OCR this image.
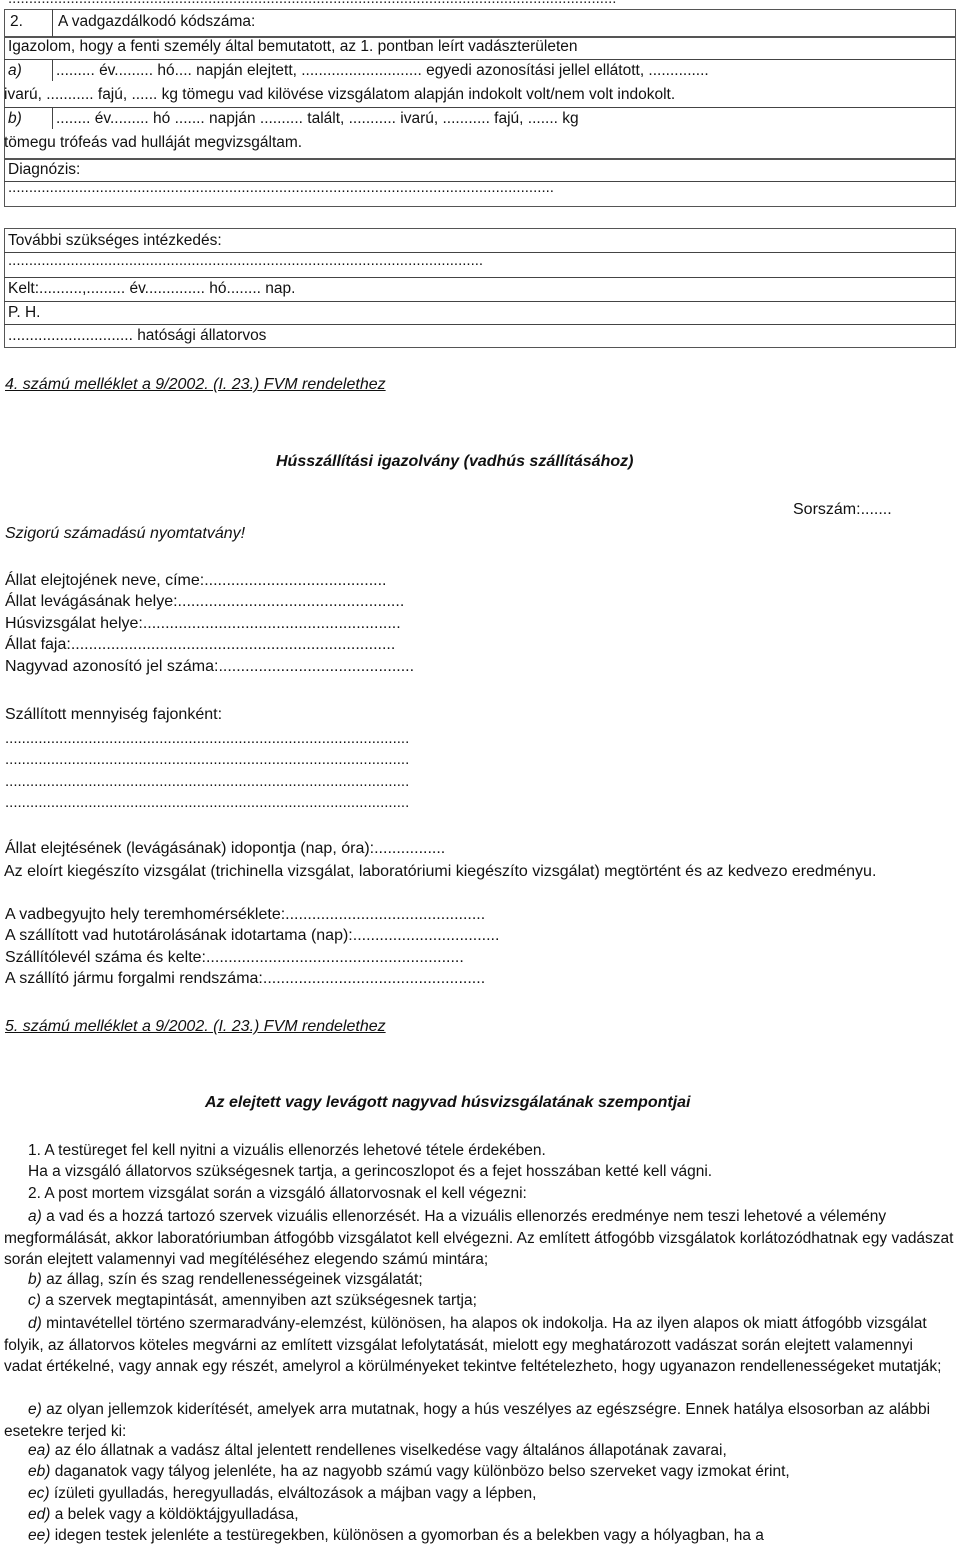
2. A vadgazdálkodó kódszáma:
Igazolom, hogy a fenti személy által bemutatott, az 1. pontban leírt vadászterületen
a) ......... év......... hó.... napján elejtett, ............................ egyedi azonosítási jellel ellátott, ..............
ivarú, ........... fajú, ...... kg tömegu vad kilövése vizsgálatom alapján indokolt volt/nem volt indokolt.
b) ........ év......... hó ....... napján .......... talált, ........... ivarú, ........... fajú, ....... kg
tömegu trófeás vad hulláját megvizsgáltam.
Diagnózis:
...................................................................................................................................
További szükséges intézkedés:
..................................................................................................................
Kelt:..........,......... év.............. hó........ nap.
P. H.
............................. hatósági állatorvos
4. számú melléklet a 9/2002. (I. 23.) FVM rendelethez
Hússzállítási igazolvány (vadhús szállításához)
Szigorú számadású nyomtatvány!
Sorszám:.......
Állat elejtojének neve, címe:.........................................
Állat levágásának helye:...................................................
Húsvizsgálat helye:..........................................................
Állat faja:.........................................................................
Nagyvad azonosító jel száma:............................................
Szállított mennyiség fajonként:
.................................................................................................
.................................................................................................
.................................................................................................
.................................................................................................
Állat elejtésének (levágásának) idopontja (nap, óra):................
Az eloírt kiegészíto vizsgálat (trichinella vizsgálat, laboratóriumi kiegészíto vizsgálat) megtörtént és az kedvezo eredményu.
A vadbegyujto hely teremhomérséklete:.............................................
A szállított vad hutotárolásának idotartama (nap):.................................
Szállítólevél száma és kelte:..........................................................
A szállító jármu forgalmi rendszáma:..................................................
5. számú melléklet a 9/2002. (I. 23.) FVM rendelethez
Az elejtett vagy levágott nagyvad húsvizsgálatának szempontjai
1. A testüreget fel kell nyitni a vizuális ellenorzés lehetové tétele érdekében.
Ha a vizsgáló állatorvos szükségesnek tartja, a gerincoszlopot és a fejet hosszában ketté kell vágni.
2. A post mortem vizsgálat során a vizsgáló állatorvosnak el kell végezni:
a) a vad és a hozzá tartozó szervek vizuális ellenorzését. Ha a vizuális ellenorzés eredménye nem teszi lehetové a vélemény megformálását, akkor laboratóriumban átfogóbb vizsgálatot kell elvégezni. Az említett átfogóbb vizsgálatok korlátozódhatnak egy vadászat során elejtett valamennyi vad megítéléséhez elegendo számú mintára;
b) az állag, szín és szag rendellenességeinek vizsgálatát;
c) a szervek megtapintását, amennyiben azt szükségesnek tartja;
d) mintavétellel történo szermaradvány-elemzést, különösen, ha alapos ok indokolja. Ha az ilyen alapos ok miatt átfogóbb vizsgálat folyik, az állatorvos köteles megvárni az említett vizsgálat lefolytatását, mielott egy meghatározott vadászat során elejtett valamennyi vadat értékelné, vagy annak egy részét, amelyrol a körülményeket tekintve feltételezheto, hogy ugyanazon rendellenességeket mutatják;
e) az olyan jellemzok kiderítését, amelyek arra mutatnak, hogy a hús veszélyes az egészségre. Ennek hatálya elsosorban az alábbi esetekre terjed ki:
ea) az élo állatnak a vadász által jelentett rendellenes viselkedése vagy általános állapotának zavarai,
eb) daganatok vagy tályog jelenléte, ha az nagyobb számú vagy különbözo belso szerveket vagy izmokat érint,
ec) ízületi gyulladás, heregyulladás, elváltozások a májban vagy a lépben,
ed) a belek vagy a köldöktájgyulladása,
ee) idegen testek jelenléte a testüregekben, különösen a gyomorban és a belekben vagy a hólyagban, ha a
